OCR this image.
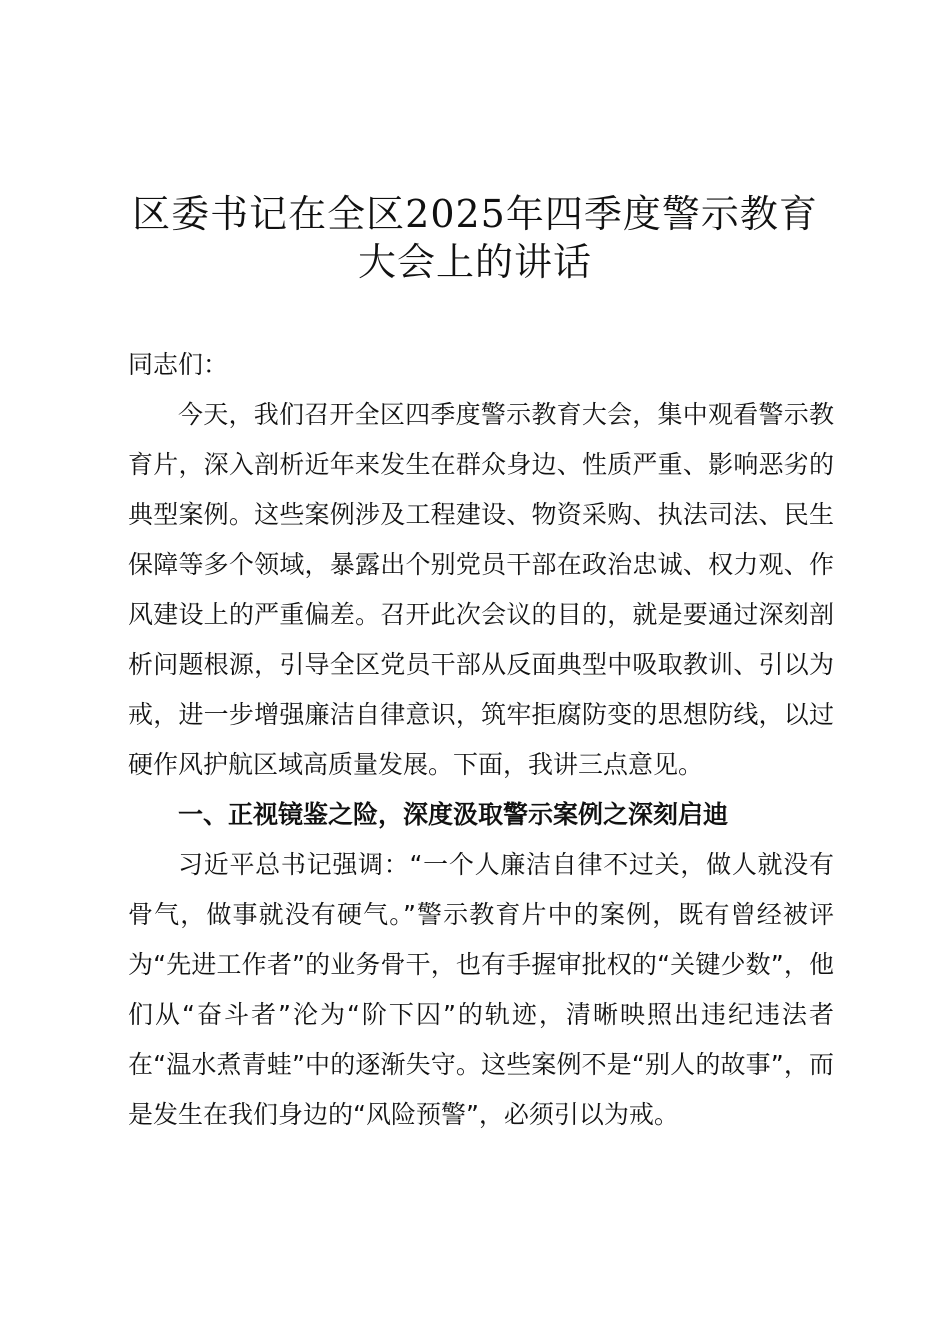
区委书记在全区2025年四季度警示教育
大会上的讲话

同志们：

今天，我们召开全区四季度警示教育大会，集中观看警示教育片，深入剖析近年来发生在群众身边、性质严重、影响恶劣的典型案例。这些案例涉及工程建设、物资采购、执法司法、民生保障等多个领域，暴露出个别党员干部在政治忠诚、权力观、作风建设上的严重偏差。召开此次会议的目的，就是要通过深刻剖析问题根源，引导全区党员干部从反面典型中吸取教训、引以为戒，进一步增强廉洁自律意识，筑牢拒腐防变的思想防线，以过硬作风护航区域高质量发展。下面，我讲三点意见。

一、正视镜鉴之险，深度汲取警示案例之深刻启迪

习近平总书记强调：“一个人廉洁自律不过关，做人就没有骨气，做事就没有硬气。”警示教育片中的案例，既有曾经被评为“先进工作者”的业务骨干，也有手握审批权的“关键少数”，他们从“奋斗者”沦为“阶下囚”的轨迹，清晰映照出违纪违法者在“温水煮青蛙”中的逐渐失守。这些案例不是“别人的故事”，而是发生在我们身边的“风险预警”，必须引以为戒。
